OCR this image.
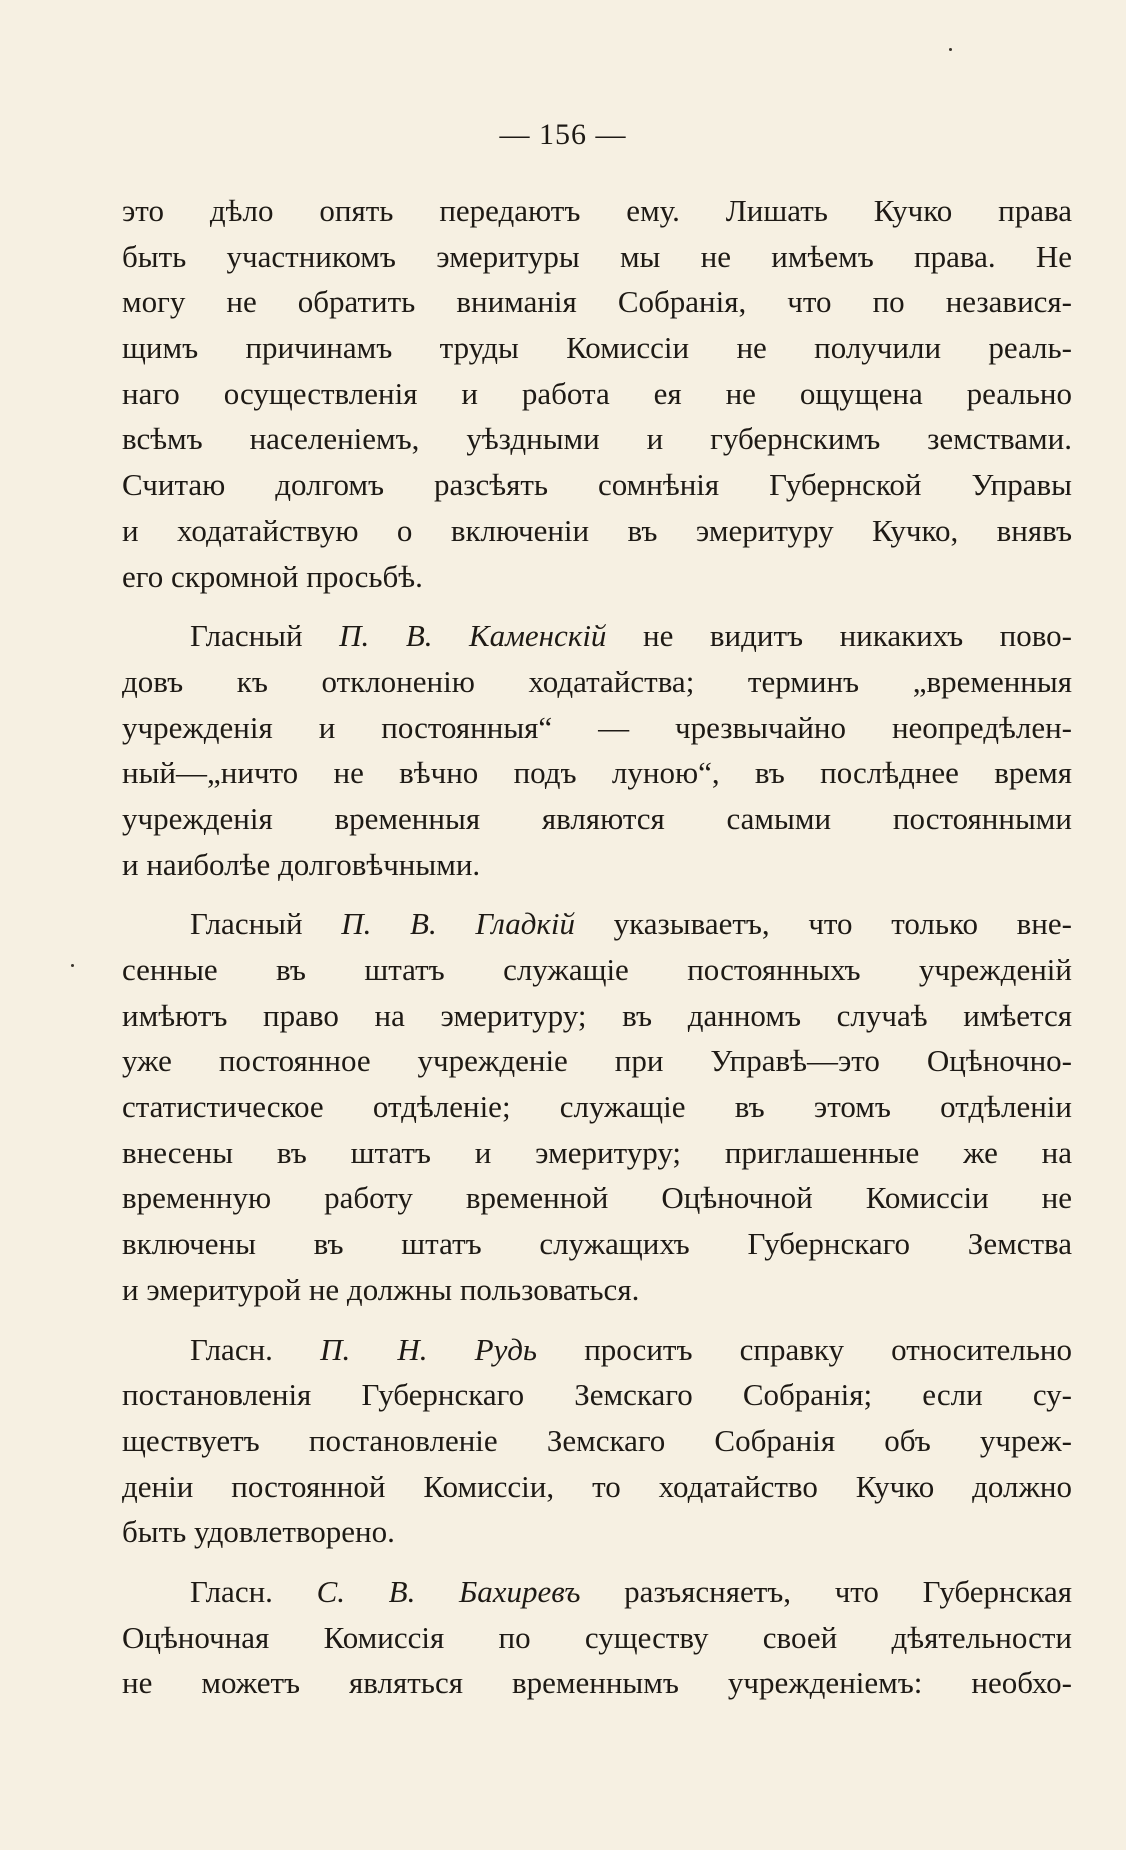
— 156 —
это дѣло опять передаютъ ему. Лишать Кучко права
быть участникомъ эмеритуры мы не имѣемъ права. Не
могу не обратить вниманія Собранія, что по независя-
щимъ причинамъ труды Комиссіи не получили реаль-
наго осуществленія и работа ея не ощущена реально
всѣмъ населеніемъ, уѣздными и губернскимъ земствами.
Считаю долгомъ разсѣять сомнѣнія Губернской Управы
и ходатайствую о включеніи въ эмеритуру Кучко, внявъ
его скромной просьбѣ.
Гласный П. В. Каменскій не видитъ никакихъ пово-
довъ къ отклоненію ходатайства; терминъ „временныя
учрежденія и постоянныя“ — чрезвычайно неопредѣлен-
ный—„ничто не вѣчно подъ луною“, въ послѣднее время
учрежденія временныя являются самыми постоянными
и наиболѣе долговѣчными.
Гласный П. В. Гладкій указываетъ, что только вне-
сенные въ штатъ служащіе постоянныхъ учрежденій
имѣютъ право на эмеритуру; въ данномъ случаѣ имѣется
уже постоянное учрежденіе при Управѣ—это Оцѣночно-
статистическое отдѣленіе; служащіе въ этомъ отдѣленіи
внесены въ штатъ и эмеритуру; приглашенные же на
временную работу временной Оцѣночной Комиссіи не
включены въ штатъ служащихъ Губернскаго Земства
и эмеритурой не должны пользоваться.
Гласн. П. Н. Рудь проситъ справку относительно
постановленія Губернскаго Земскаго Собранія; если су-
ществуетъ постановленіе Земскаго Собранія объ учреж-
деніи постоянной Комиссіи, то ходатайство Кучко должно
быть удовлетворено.
Гласн. С. В. Бахиревъ разъясняетъ, что Губернская
Оцѣночная Комиссія по существу своей дѣятельности
не можетъ являться временнымъ учрежденіемъ: необхо-
